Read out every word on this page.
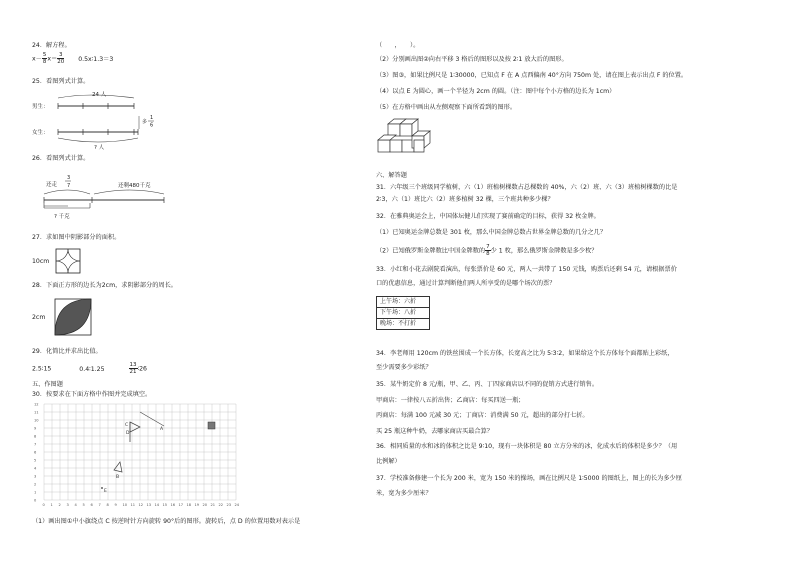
24．解方程。
$x- \frac{5}{8} x= \frac{3}{20}$ 0.5x∶1.3＝3
25．看图列式计算。
24 人
男生：
女生：
多
1
6
? 人
26．看图列式计算。
还走
3
7	还剩480千克
? 千克
27．求如图中阴影部分的面积。
10cm
28．下面正方形的边长为2cm，求阴影部分的周长。
2cm
29．化简比并求出比值。
2.5∶15	0.4∶1.25	$\frac{13}{21}$ ∶26
五、作图题
30．按要求在下面方格中作图并完成填空。
0 1 2 3 4 5 6 7 8 9 10 11 12 13 14 15 16 17 18 19 20 21 22 23 24
0
1
2
3
4
5
6
7
8
9
10
11
12
C
D
A
B
E
（1）画出图①中小旗绕点 C 按逆时针方向旋转 90°后的图形。旋转后，点 D 的位置用数对表示是
（　　，　　）。
（2）分别画出图②向右平移 3 格后的图形以及按 2∶1 放大后的图形。
（3）图③，如果比例尺是 1∶30000，已知点 F 在 A 点西偏南 40°方向 750m 处，请在图上表示出点 F 的位置。
（4）以点 E 为圆心，画一个半径为 2cm 的圆。（注：图中每个小方格的边长为 1cm）
（5）在方格中画出从左侧观察下面所看到的图形。
六、解答题
31．六年级三个班级同学植树，六（1）班植树棵数占总棵数的 40%，六（2）班、六（3）班植树棵数的比是
2∶3，六（1）班比六（2）班多植树 32 棵，三个班共种多少棵？
32．在雅典奥运会上，中国体坛健儿们实现了赛前确定的目标，获得 32 枚金牌。
（1）已知奥运金牌总数是 301 枚，那么中国金牌总数占世界金牌总数的几分之几？
（2）已知俄罗斯金牌数比中国金牌数的 $\frac{7}{8}$ 少 1 枚，那么俄罗斯金牌数是多少枚？
33．小红和小花去剧院看演出，每张票价是 60 元，两人一共带了 150 元钱，购票后还剩 54 元，请根据票价
口的优惠信息，通过计算判断他们两人所享受的是哪个场次的票？
上午场：六折
下午场：八折
晚场：不打折
34．李老师用 120cm 的铁丝围成一个长方体，长宽高之比为 5∶3∶2，如果给这个长方体每个面都贴上彩纸，
至少需要多少彩纸？
35．某牛奶定价 8 元/瓶，甲、乙、丙、丁四家商店以不同的促销方式进行销售。
甲商店：一律按八五折出售；乙商店：每买四送一瓶；
丙商店：每满 100 元减 30 元；丁商店：消费满 50 元，超出的部分打七折。
买 25 瓶这种牛奶，去哪家商店买最合算？
36．相同质量的水和冰的体积之比是 9∶10，现有一块体积是 80 立方分米的冰，化成水后的体积是多少？（用
比例解）
37．学校准备修建一个长为 200 米，宽为 150 米的操场，画在比例尺是 1∶5000 的图纸上，图上的长为多少厘
米，宽为多少厘米？
